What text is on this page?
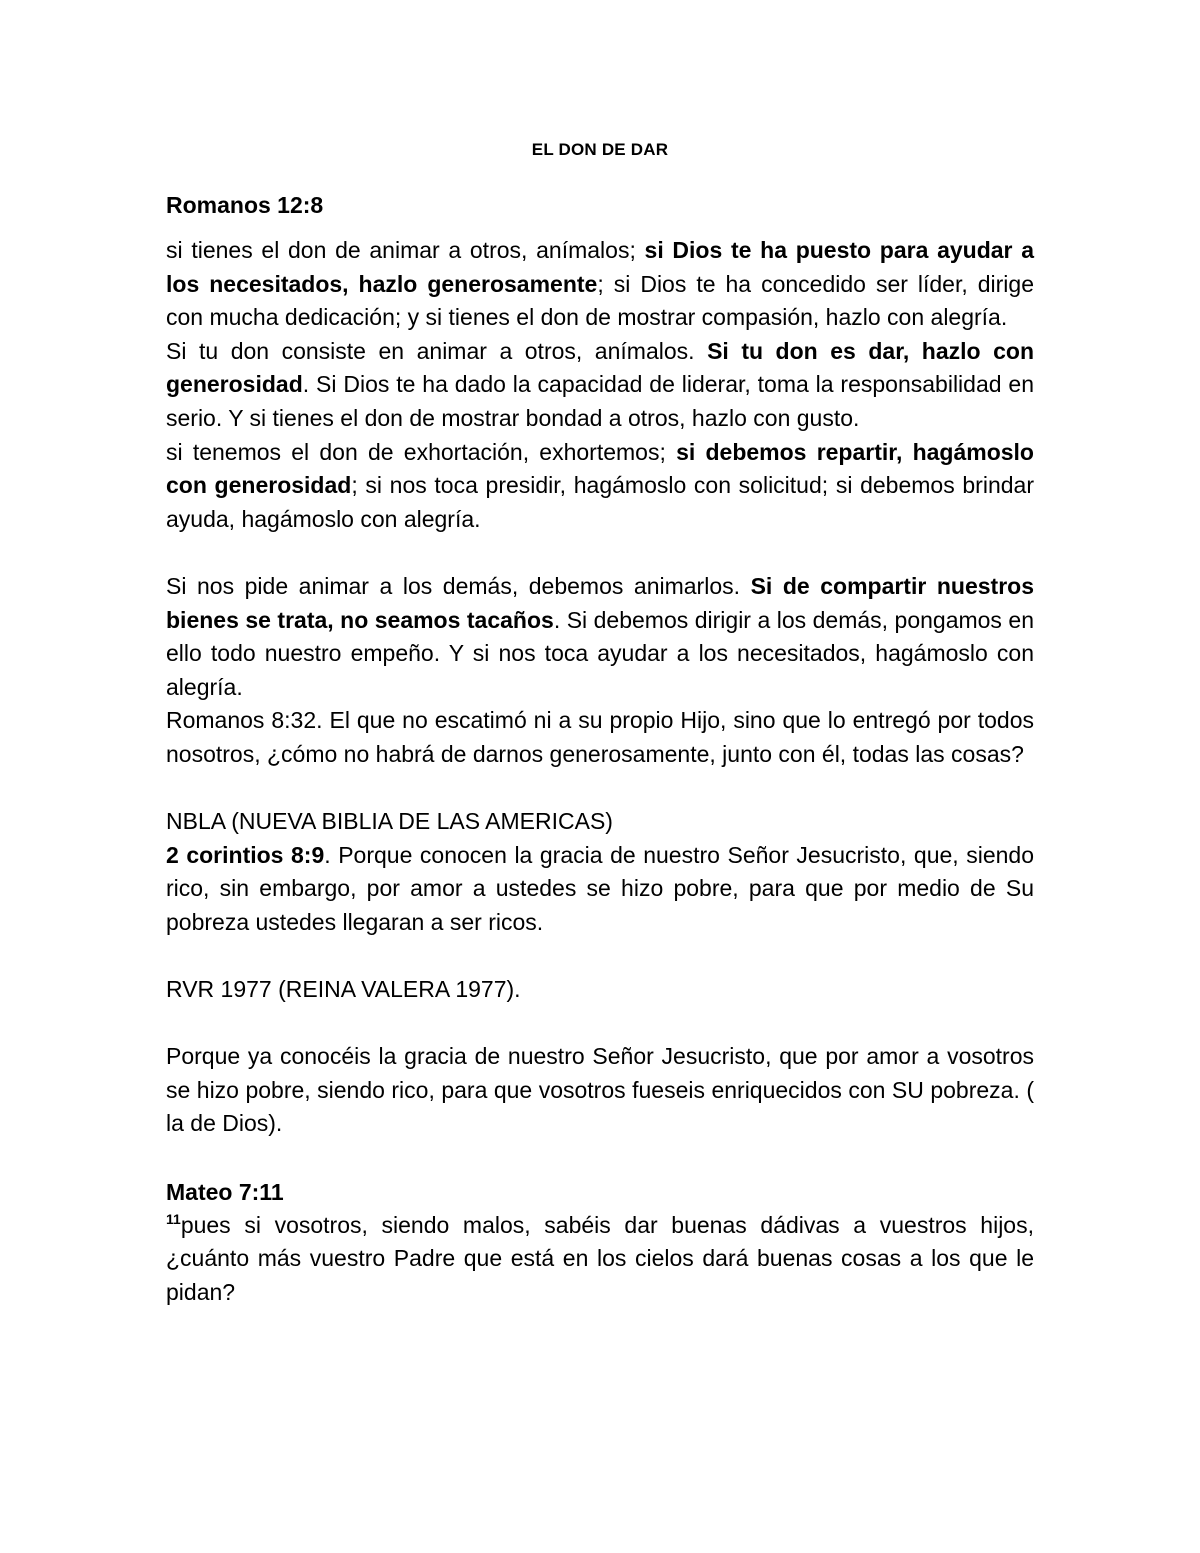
EL DON DE DAR
Romanos 12:8

si tienes el don de animar a otros, anímalos; si Dios te ha puesto para ayudar a los necesitados, hazlo generosamente; si Dios te ha concedido ser líder, dirige con mucha dedicación; y si tienes el don de mostrar compasión, hazlo con alegría.

Si tu don consiste en animar a otros, anímalos. Si tu don es dar, hazlo con generosidad. Si Dios te ha dado la capacidad de liderar, toma la responsabilidad en serio. Y si tienes el don de mostrar bondad a otros, hazlo con gusto.

si tenemos el don de exhortación, exhortemos; si debemos repartir, hagámoslo con generosidad; si nos toca presidir, hagámoslo con solicitud; si debemos brindar ayuda, hagámoslo con alegría.

Si nos pide animar a los demás, debemos animarlos. Si de compartir nuestros bienes se trata, no seamos tacaños. Si debemos dirigir a los demás, pongamos en ello todo nuestro empeño. Y si nos toca ayudar a los necesitados, hagámoslo con alegría.

Romanos 8:32. El que no escatimó ni a su propio Hijo, sino que lo entregó por todos nosotros, ¿cómo no habrá de darnos generosamente, junto con él, todas las cosas?

NBLA (NUEVA BIBLIA DE LAS AMERICAS)

2 corintios 8:9. Porque conocen la gracia de nuestro Señor Jesucristo, que, siendo rico, sin embargo, por amor a ustedes se hizo pobre, para que por medio de Su pobreza ustedes llegaran a ser ricos.

RVR 1977 (REINA VALERA 1977).

Porque ya conocéis la gracia de nuestro Señor Jesucristo, que por amor a vosotros se hizo pobre, siendo rico, para que vosotros fueseis enriquecidos con SU pobreza. ( la de Dios).

Mateo 7:11

$^{11}$pues si vosotros, siendo malos, sabéis dar buenas dádivas a vuestros hijos, ¿cuánto más vuestro Padre que está en los cielos dará buenas cosas a los que le pidan?
